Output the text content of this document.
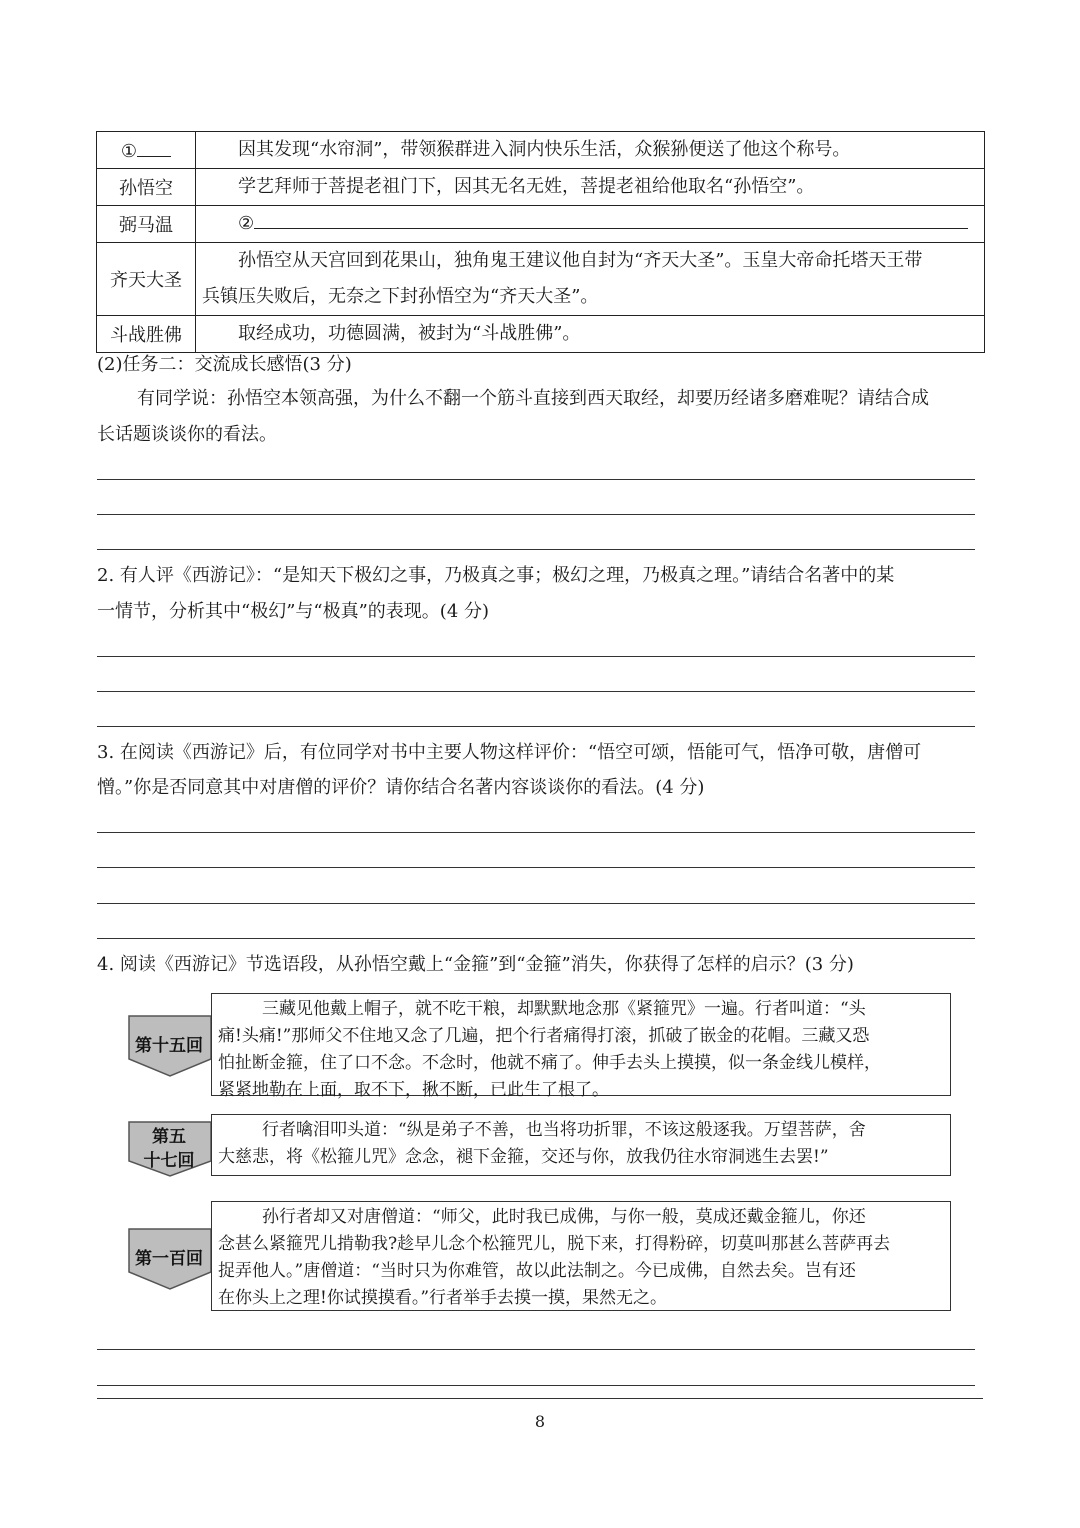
①	因其发现“水帘洞”，带领猴群进入洞内快乐生活，众猴狲便送了他这个称号。
孙悟空	学艺拜师于菩提老祖门下，因其无名无姓，菩提老祖给他取名“孙悟空”。
弼马温	②
齐天大圣	孙悟空从天宫回到花果山，独角鬼王建议他自封为“齐天大圣”。玉皇大帝命托塔天王带
兵镇压失败后，无奈之下封孙悟空为“齐天大圣”。
斗战胜佛	取经成功，功德圆满，被封为“斗战胜佛”。
(2)任务二：交流成长感悟(3 分)
有同学说：孙悟空本领高强，为什么不翻一个筋斗直接到西天取经，却要历经诸多磨难呢？请结合成
长话题谈谈你的看法。
2. 有人评《西游记》：“是知天下极幻之事，乃极真之事；极幻之理，乃极真之理。”请结合名著中的某
一情节，分析其中“极幻”与“极真”的表现。(4 分)
3. 在阅读《西游记》后，有位同学对书中主要人物这样评价：“悟空可颂，悟能可气，悟净可敬，唐僧可
憎。”你是否同意其中对唐僧的评价？请你结合名著内容谈谈你的看法。(4 分)
4. 阅读《西游记》节选语段，从孙悟空戴上“金箍”到“金箍”消失，你获得了怎样的启示？(3 分)
第十五回
三藏见他戴上帽子，就不吃干粮，却默默地念那《紧箍咒》一遍。行者叫道：“头
痛!头痛!”那师父不住地又念了几遍，把个行者痛得打滚，抓破了嵌金的花帽。三藏又恐
怕扯断金箍，住了口不念。不念时，他就不痛了。伸手去头上摸摸，似一条金线儿模样，
紧紧地勒在上面，取不下，揪不断，已此生了根了。
第五
十七回
行者噙泪叩头道：“纵是弟子不善，也当将功折罪，不该这般逐我。万望菩萨，舍
大慈悲，将《松箍儿咒》念念，褪下金箍，交还与你，放我仍往水帘洞逃生去罢!”
第一百回
孙行者却又对唐僧道：“师父，此时我已成佛，与你一般，莫成还戴金箍儿，你还
念甚么紧箍咒儿掯勒我?趁早儿念个松箍咒儿，脱下来，打得粉碎，切莫叫那甚么菩萨再去
捉弄他人。”唐僧道：“当时只为你难管，故以此法制之。今已成佛，自然去矣。岂有还
在你头上之理!你试摸摸看。”行者举手去摸一摸，果然无之。
8
